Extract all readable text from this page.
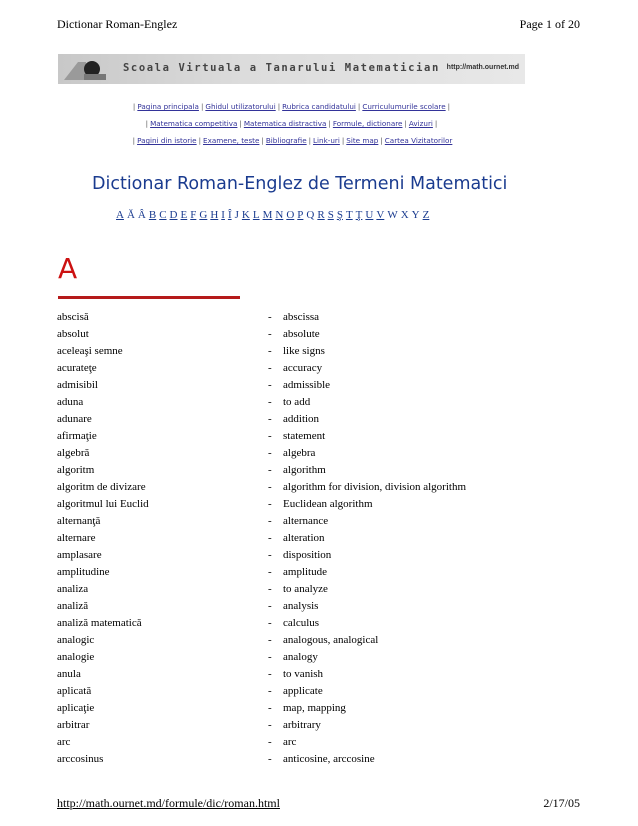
Dictionar Roman-Englez	Page 1 of 20
Scoala Virtuala a Tanarului Matematician http://math.ournet.md
| Pagina principala | Ghidul utilizatorului | Rubrica candidatului | Curriculumurile scolare |
| Matematica competitiva | Matematica distractiva | Formule, dictionare | Avizuri |
| Pagini din istorie | Examene, teste | Bibliografie | Link-uri | Site map | Cartea Vizitatorilor
Dictionar Roman-Englez de Termeni Matematici
A Ă Â B C D E F G H I Î J K L M N O P Q R S Ş T Ţ U V W X Y Z
A
abscisă	- abscissa
absolut	- absolute
aceleaşi semne	- like signs
acurateţe	- accuracy
admisibil	- admissible
aduna	- to add
adunare	- addition
afirmaţie	- statement
algebră	- algebra
algoritm	- algorithm
algoritm de divizare	- algorithm for division, division algorithm
algoritmul lui Euclid	- Euclidean algorithm
alternanţă	- alternance
alternare	- alteration
amplasare	- disposition
amplitudine	- amplitude
analiza	- to analyze
analiză	- analysis
analiză matematică	- calculus
analogic	- analogous, analogical
analogie	- analogy
anula	- to vanish
aplicată	- applicate
aplicaţie	- map, mapping
arbitrar	- arbitrary
arc	- arc
arccosinus	- anticosine, arccosine
http://math.ournet.md/formule/dic/roman.html	2/17/05
